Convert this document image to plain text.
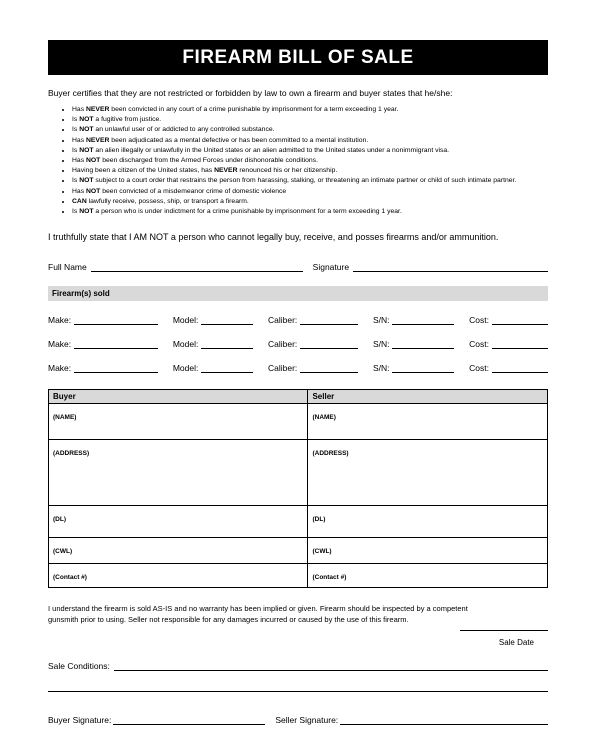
FIREARM BILL OF SALE
Buyer certifies that they are not restricted or forbidden by law to own a firearm and buyer states that he/she:
• Has NEVER been convicted in any court of a crime punishable by imprisonment for a term exceeding 1 year.
• Is NOT a fugitive from justice.
• Is NOT an unlawful user of or addicted to any controlled substance.
• Has NEVER been adjudicated as a mental defective or has been committed to a mental institution.
• Is NOT an alien illegally or unlawfully in the United states or an alien admitted to the United states under a nonimmigrant visa.
• Has NOT been discharged from the Armed Forces under dishonorable conditions.
• Having been a citizen of the United states, has NEVER renounced his or her citizenship.
• Is NOT subject to a court order that restrains the person from harassing, stalking, or threatening an intimate partner or child of such intimate partner.
• Has NOT been convicted of a misdemeanor crime of domestic violence
• CAN lawfully receive, possess, ship, or transport a firearm.
• Is NOT a person who is under indictment for a crime punishable by imprisonment for a term exceeding 1 year.
I truthfully state that I AM NOT a person who cannot legally buy, receive, and posses firearms and/or ammunition.
Full Name	Signature
Firearm(s) sold
Make:	Model:	Caliber:	S/N:	Cost:
Make:	Model:	Caliber:	S/N:	Cost:
Make:	Model:	Caliber:	S/N:	Cost:
Buyer	Seller
(NAME)	(NAME)
(ADDRESS)	(ADDRESS)
(DL)	(DL)
(CWL)	(CWL)
(Contact #)	(Contact #)
I understand the firearm is sold AS-IS and no warranty has been implied or given. Firearm should be inspected by a competent gunsmith prior to using. Seller not responsible for any damages incurred or caused by the use of this firearm.
Sale Date
Sale Conditions:
Buyer Signature:	Seller Signature:
